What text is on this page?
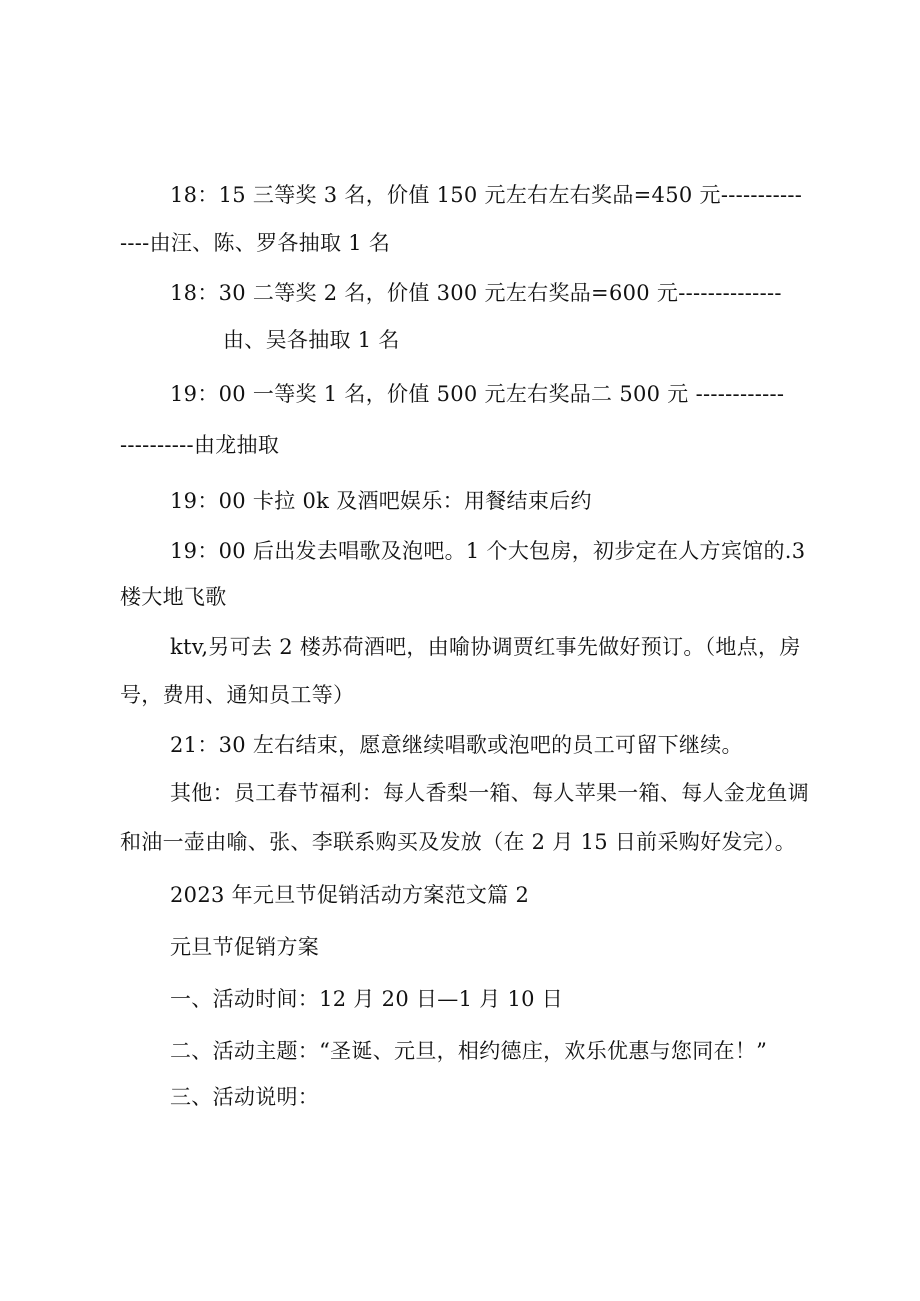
18：15 三等奖 3 名，价值 150 元左右左右奖品=450 元-----------
----由汪、陈、罗各抽取 1 名
18：30 二等奖 2 名，价值 300 元左右奖品=600 元--------------
由、吴各抽取 1 名
19：00 一等奖 1 名，价值 500 元左右奖品二 500 元 ------------
----------由龙抽取
19：00 卡拉 0k 及酒吧娱乐：用餐结束后约
19：00 后出发去唱歌及泡吧。1 个大包房，初步定在人方宾馆的.3
楼大地飞歌
ktv,另可去 2 楼苏荷酒吧，由喻协调贾红事先做好预订。（地点，房
号，费用、通知员工等）
21：30 左右结束，愿意继续唱歌或泡吧的员工可留下继续。
其他：员工春节福利：每人香梨一箱、每人苹果一箱、每人金龙鱼调
和油一壶由喻、张、李联系购买及发放（在 2 月 15 日前采购好发完）。
2023 年元旦节促销活动方案范文篇 2
元旦节促销方案
一、活动时间：12 月 20 日—1 月 10 日
二、活动主题：“圣诞、元旦，相约德庄，欢乐优惠与您同在！”
三、活动说明：
